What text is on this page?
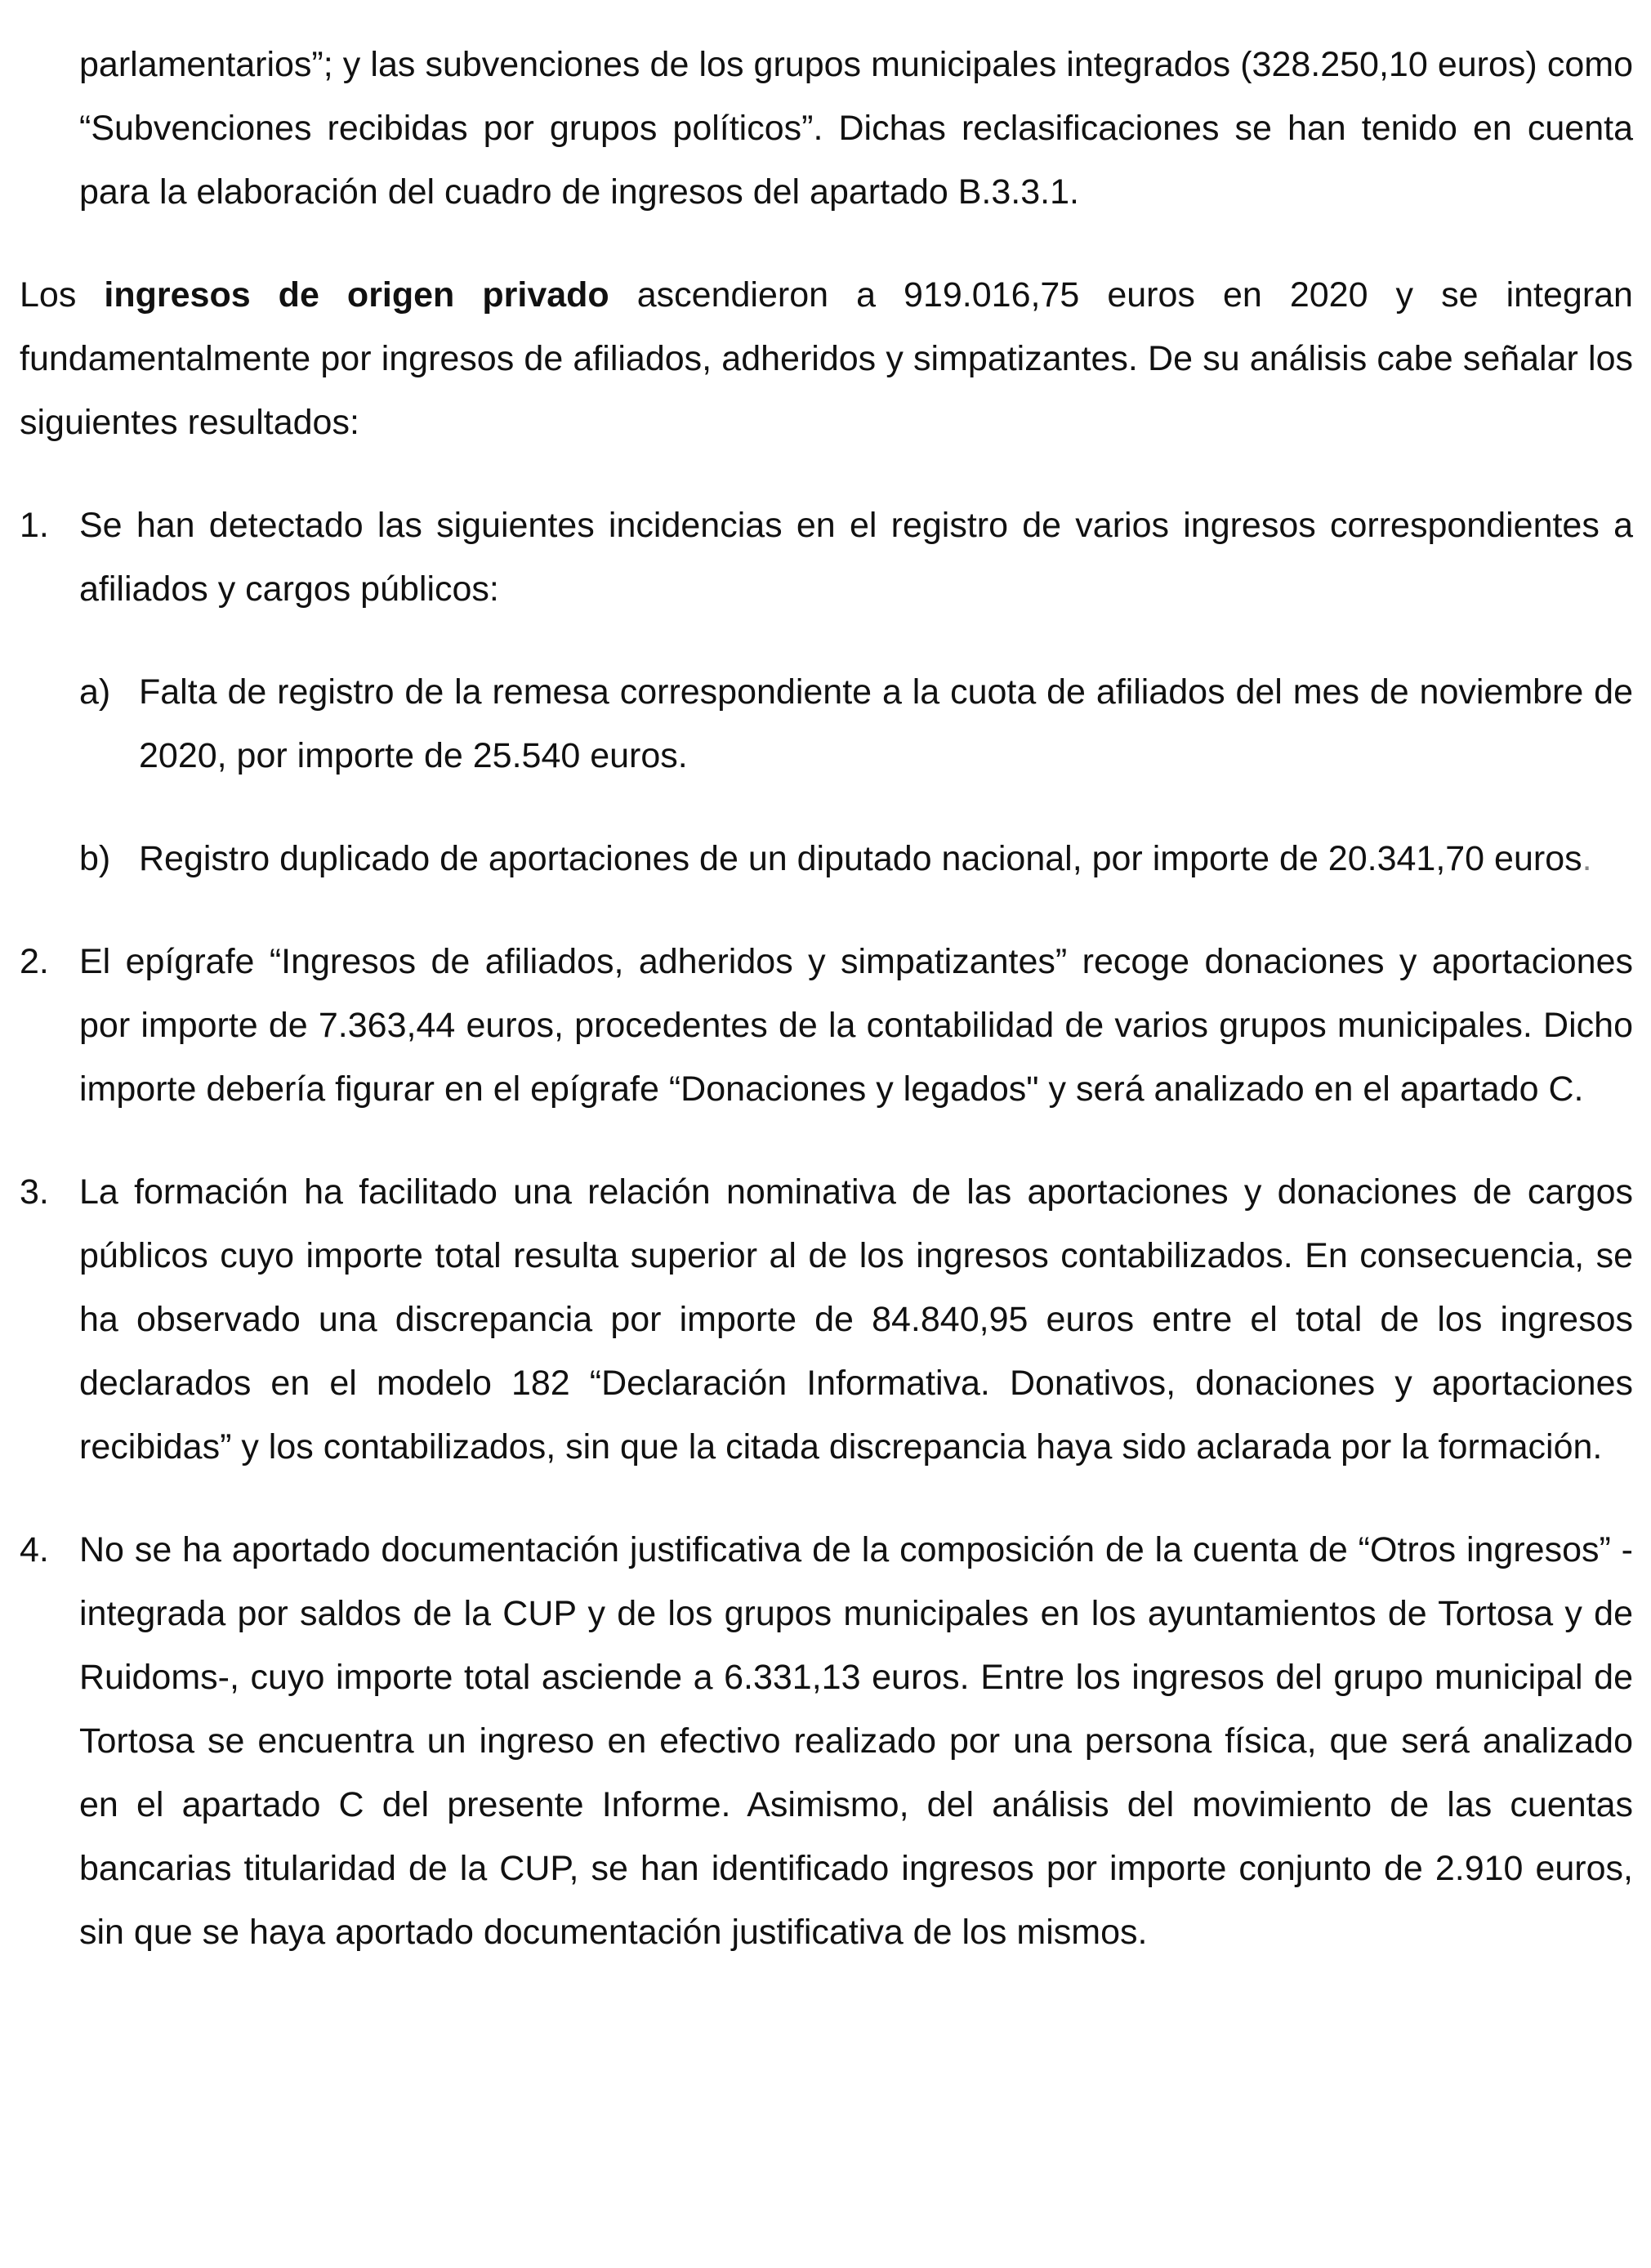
parlamentarios”; y las subvenciones de los grupos municipales integrados (328.250,10 euros) como “Subvenciones recibidas por grupos políticos”. Dichas reclasificaciones se han tenido en cuenta para la elaboración del cuadro de ingresos del apartado B.3.3.1.

Los ingresos de origen privado ascendieron a 919.016,75 euros en 2020 y se integran fundamentalmente por ingresos de afiliados, adheridos y simpatizantes. De su análisis cabe señalar los siguientes resultados:

1. Se han detectado las siguientes incidencias en el registro de varios ingresos correspondientes a afiliados y cargos públicos:
a) Falta de registro de la remesa correspondiente a la cuota de afiliados del mes de noviembre de 2020, por importe de 25.540 euros.
b) Registro duplicado de aportaciones de un diputado nacional, por importe de 20.341,70 euros.
2. El epígrafe “Ingresos de afiliados, adheridos y simpatizantes” recoge donaciones y aportaciones por importe de 7.363,44 euros, procedentes de la contabilidad de varios grupos municipales. Dicho importe debería figurar en el epígrafe “Donaciones y legados" y será analizado en el apartado C.
3. La formación ha facilitado una relación nominativa de las aportaciones y donaciones de cargos públicos cuyo importe total resulta superior al de los ingresos contabilizados. En consecuencia, se ha observado una discrepancia por importe de 84.840,95 euros entre el total de los ingresos declarados en el modelo 182 “Declaración Informativa. Donativos, donaciones y aportaciones recibidas” y los contabilizados, sin que la citada discrepancia haya sido aclarada por la formación.
4. No se ha aportado documentación justificativa de la composición de la cuenta de “Otros ingresos” -integrada por saldos de la CUP y de los grupos municipales en los ayuntamientos de Tortosa y de Ruidoms-, cuyo importe total asciende a 6.331,13 euros. Entre los ingresos del grupo municipal de Tortosa se encuentra un ingreso en efectivo realizado por una persona física, que será analizado en el apartado C del presente Informe. Asimismo, del análisis del movimiento de las cuentas bancarias titularidad de la CUP, se han identificado ingresos por importe conjunto de 2.910 euros, sin que se haya aportado documentación justificativa de los mismos.
